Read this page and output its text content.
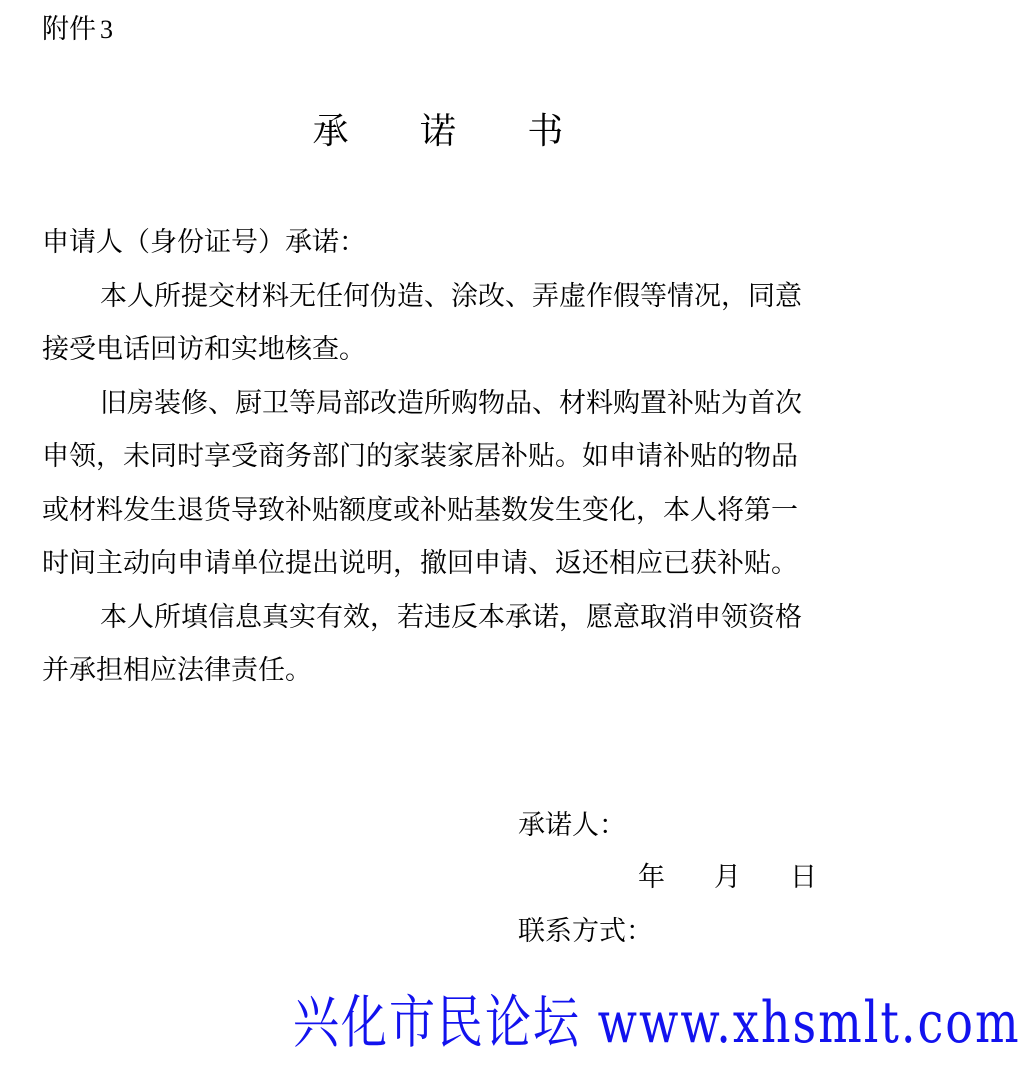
附件 3
承 诺 书

申请人（身份证号）承诺：

本人所提交材料无任何伪造、涂改、弄虚作假等情况，同意

接受电话回访和实地核查。

旧房装修、厨卫等局部改造所购物品、材料购置补贴为首次

申领，未同时享受商务部门的家装家居补贴。如申请补贴的物品

或材料发生退货导致补贴额度或补贴基数发生变化，本人将第一

时间主动向申请单位提出说明，撤回申请、返还相应已获补贴。

本人所填信息真实有效，若违反本承诺，愿意取消申领资格

并承担相应法律责任。

承诺人：
年 月 日
联系方式：
兴化市民论坛 www.xhsmlt.com
